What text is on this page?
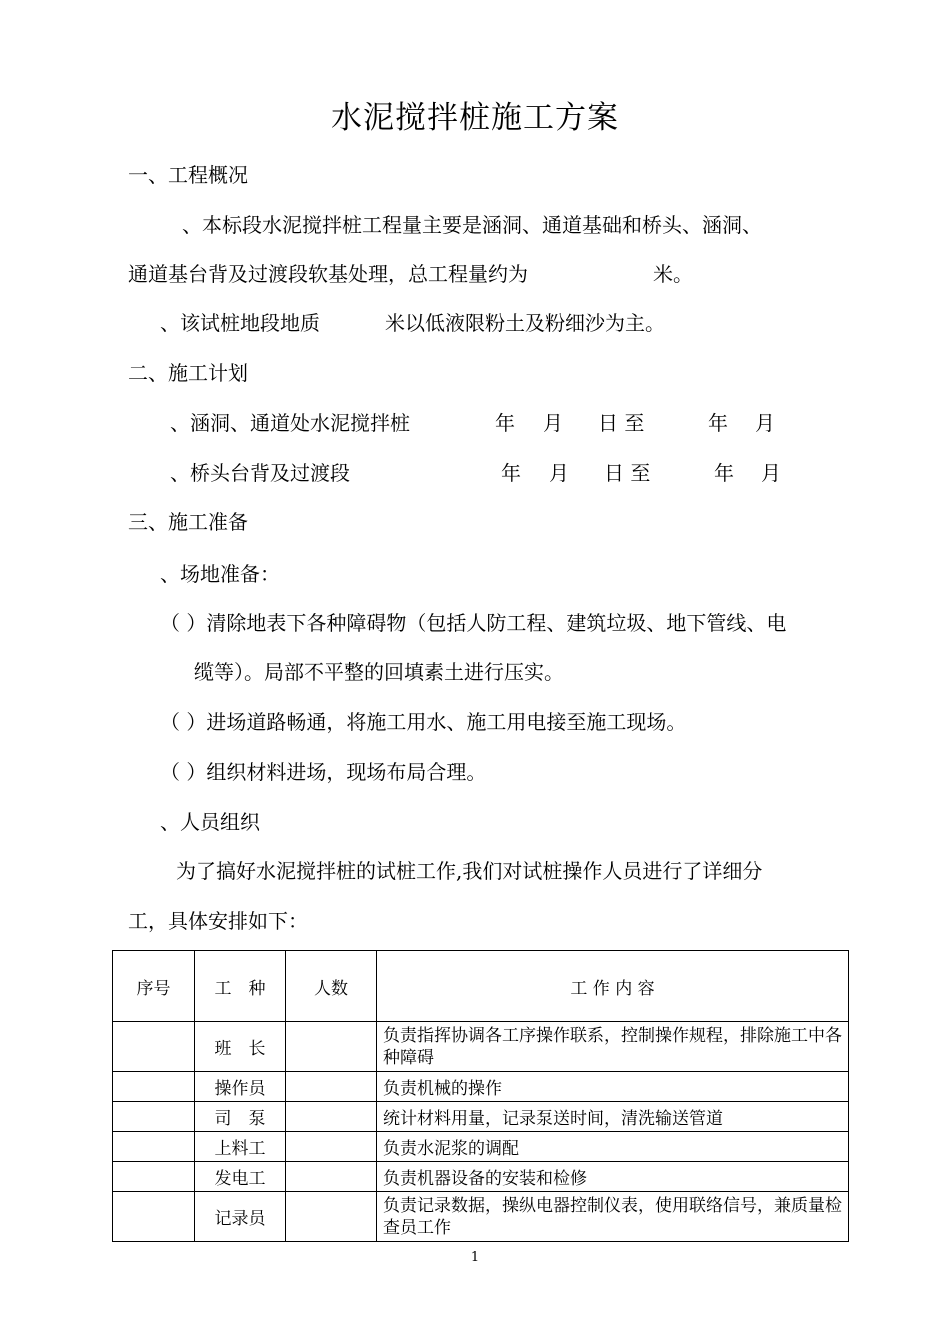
水泥搅拌桩施工方案
一、工程概况
、本标段水泥搅拌桩工程量主要是涵洞、通道基础和桥头、涵洞、
通道基台背及过渡段软基处理，总工程量约为	米。
、该试桩地段地质	米以低液限粉土及粉细沙为主。
二、施工计划
、涵洞、通道处水泥搅拌桩	年 月 日 至	年 月
、桥头台背及过渡段	年 月 日 至	年 月
三、施工准备
、场地准备：
（ ）清除地表下各种障碍物（包括人防工程、建筑垃圾、地下管线、电
缆等）。局部不平整的回填素土进行压实。
（ ）进场道路畅通，将施工用水、施工用电接至施工现场。
（ ）组织材料进场，现场布局合理。
、人员组织
为了搞好水泥搅拌桩的试桩工作,我们对试桩操作人员进行了详细分
工，具体安排如下：
序号	工　种	人数	工 作 内 容
	班　长		负责指挥协调各工序操作联系，控制操作规程，排除施工中各种障碍
	操作员		负责机械的操作
	司　泵		统计材料用量，记录泵送时间，清洗输送管道
	上料工		负责水泥浆的调配
	发电工		负责机器设备的安装和检修
	记录员		负责记录数据，操纵电器控制仪表，使用联络信号，兼质量检查员工作
1
